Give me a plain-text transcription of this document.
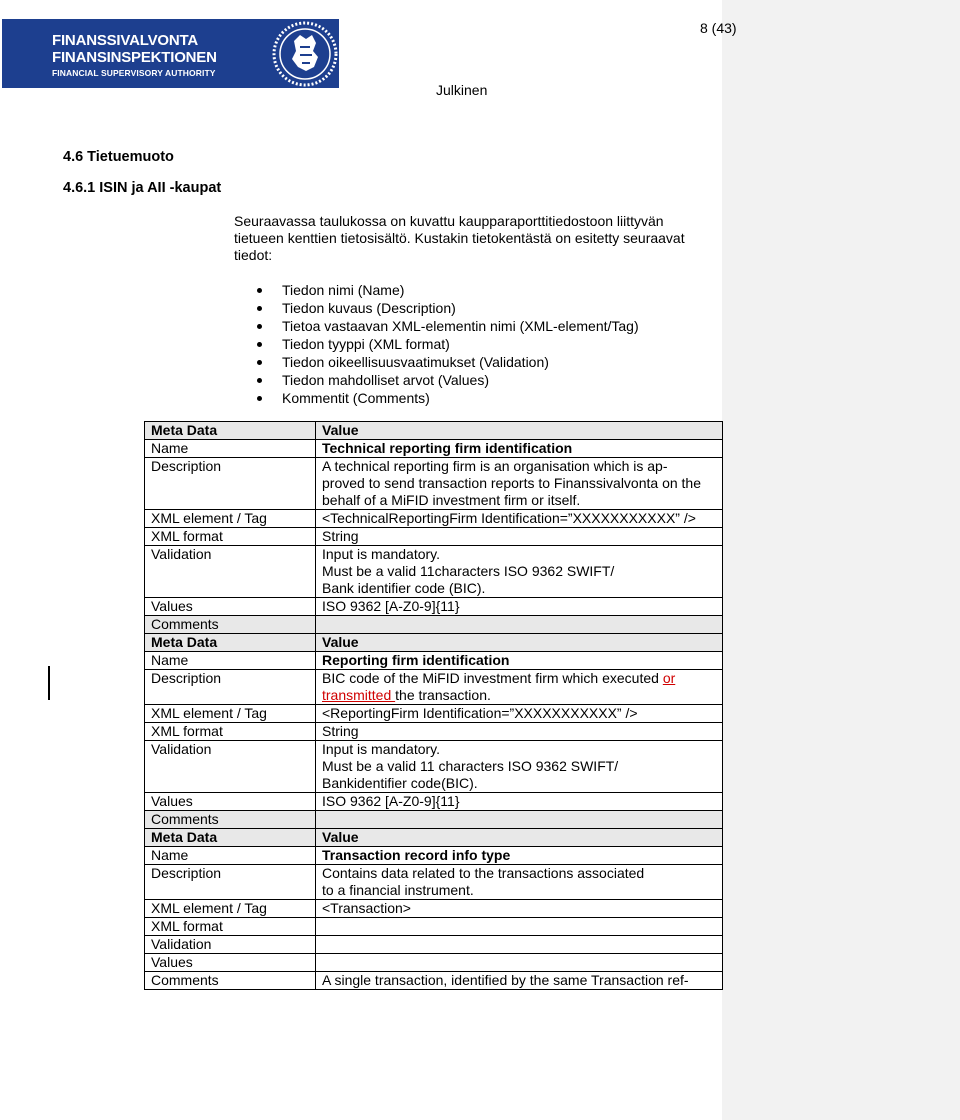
FINANSSIVALVONTA
FINANSINSPEKTIONEN
FINANCIAL SUPERVISORY AUTHORITY
8 (43)
Julkinen
4.6 Tietuemuoto
4.6.1 ISIN ja AII -kaupat

Seuraavassa taulukossa on kuvattu kaupparaporttitiedostoon liittyvän tietueen kenttien tietosisältö. Kustakin tietokentästä on esitetty seuraavat tiedot:

Tiedon nimi (Name)
Tiedon kuvaus (Description)
Tietoa vastaavan XML-elementin nimi (XML-element/Tag)
Tiedon tyyppi (XML format)
Tiedon oikeellisuusvaatimukset (Validation)
Tiedon mahdolliset arvot (Values)
Kommentit (Comments)
Meta Data	Value
Name	Technical reporting firm identification
Description	A technical reporting firm is an organisation which is ap-
proved to send transaction reports to Finanssivalvonta on the
behalf of a MiFID investment firm or itself.
XML element / Tag	<TechnicalReportingFirm Identification=”XXXXXXXXXXX” />
XML format	String
Validation	Input is mandatory.
Must be a valid 11characters ISO 9362 SWIFT/
Bank identifier code (BIC).
Values	ISO 9362 [A-Z0-9]{11}
Comments	
Meta Data	Value
Name	Reporting firm identification
Description	BIC code of the MiFID investment firm which executed or
transmitted the transaction.
XML element / Tag	<ReportingFirm Identification=”XXXXXXXXXXX” />
XML format	String
Validation	Input is mandatory.
Must be a valid 11 characters ISO 9362 SWIFT/
Bankidentifier code(BIC).
Values	ISO 9362 [A-Z0-9]{11}
Comments	
Meta Data	Value
Name	Transaction record info type
Description	Contains data related to the transactions associated
to a financial instrument.
XML element / Tag	<Transaction>
XML format	
Validation	
Values	
Comments	A single transaction, identified by the same Transaction ref-
